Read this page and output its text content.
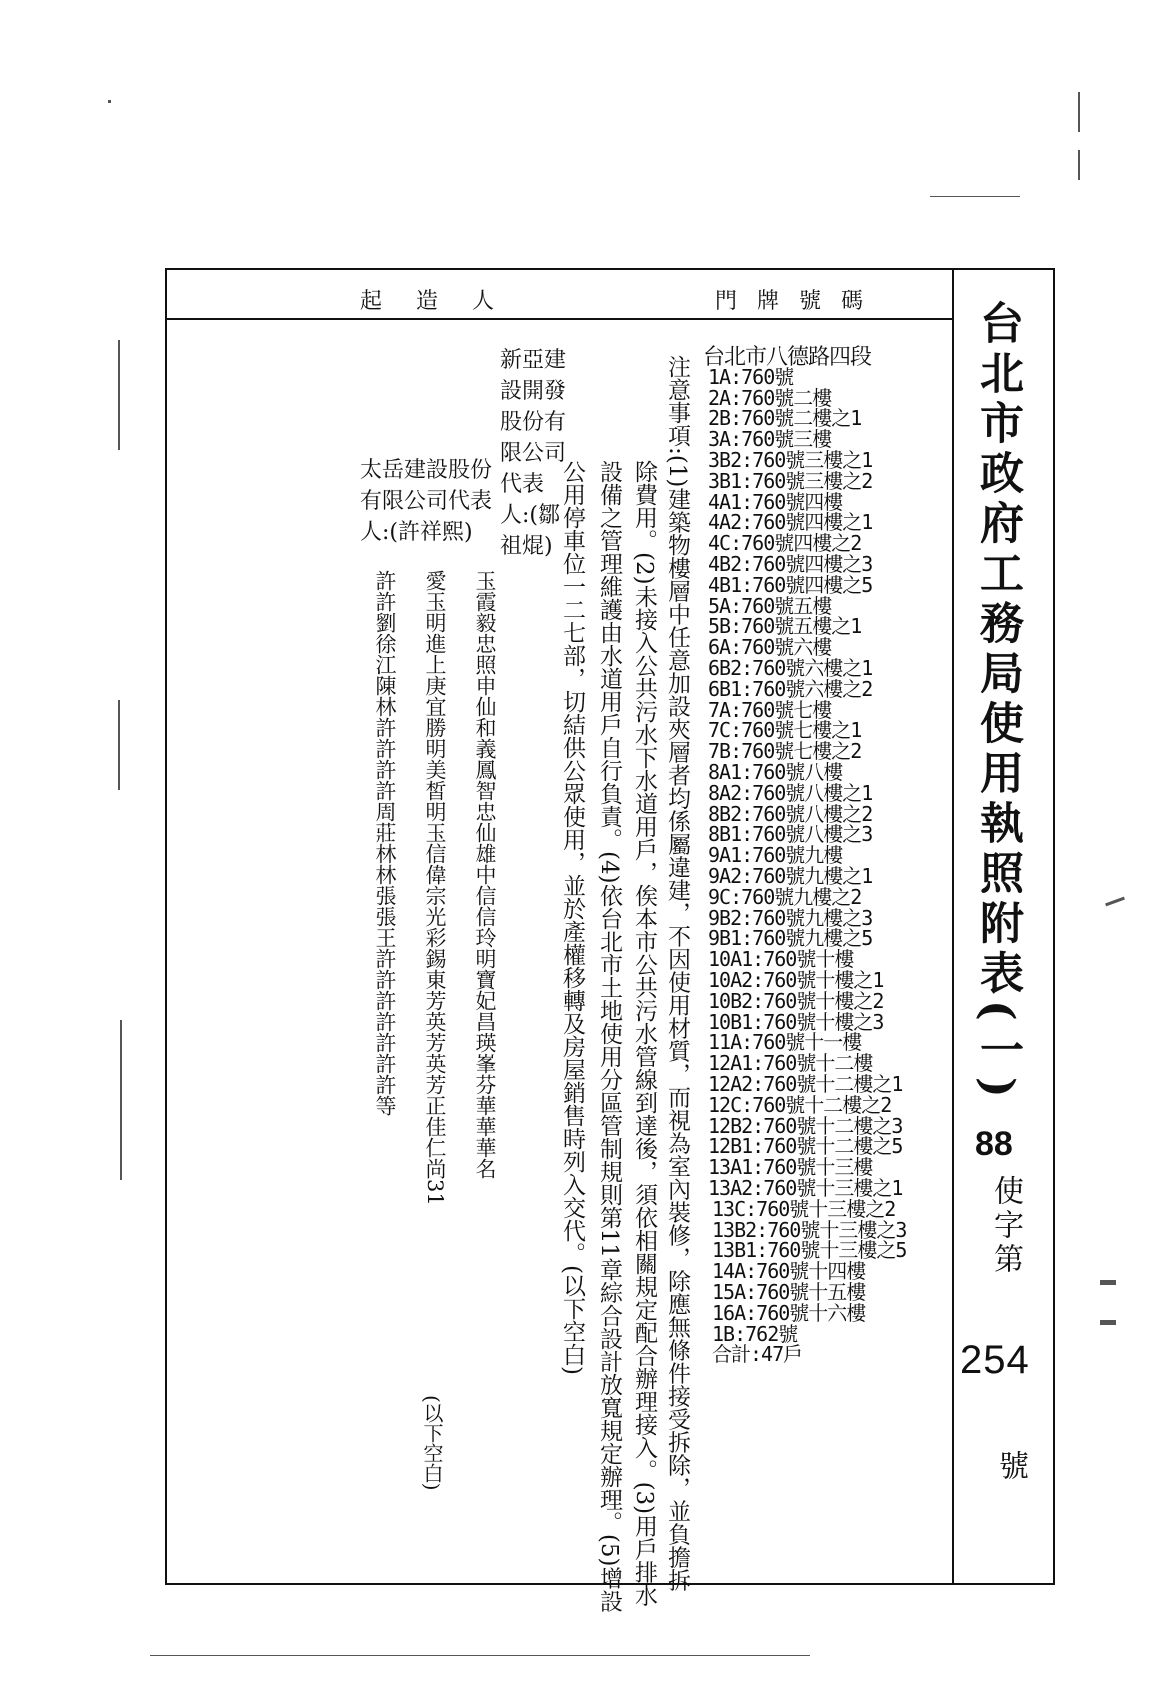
台北市政府工務局使用執照附表(一)
88
使字第
254
號
門牌號碼
起造人
台北市八德路四段
1A:760號
2A:760號二樓
2B:760號二樓之1
3A:760號三樓
3B2:760號三樓之1
3B1:760號三樓之2
4A1:760號四樓
4A2:760號四樓之1
4C:760號四樓之2
4B2:760號四樓之3
4B1:760號四樓之5
5A:760號五樓
5B:760號五樓之1
6A:760號六樓
6B2:760號六樓之1
6B1:760號六樓之2
7A:760號七樓
7C:760號七樓之1
7B:760號七樓之2
8A1:760號八樓
8A2:760號八樓之1
8B2:760號八樓之2
8B1:760號八樓之3
9A1:760號九樓
9A2:760號九樓之1
9C:760號九樓之2
9B2:760號九樓之3
9B1:760號九樓之5
10A1:760號十樓
10A2:760號十樓之1
10B2:760號十樓之2
10B1:760號十樓之3
11A:760號十一樓
12A1:760號十二樓
12A2:760號十二樓之1
12C:760號十二樓之2
12B2:760號十二樓之3
12B1:760號十二樓之5
13A1:760號十三樓
13A2:760號十三樓之1
13C:760號十三樓之2
13B2:760號十三樓之3
13B1:760號十三樓之5
14A:760號十四樓
15A:760號十五樓
16A:760號十六樓
1B:762號
合計:47戶
注意事項:(1)建築物樓層中任意加設夾層者均係屬違建，不因使用材質，而視為室內裝修，除應無條件接受拆除，並負擔拆
除費用。(2)未接入公共污水下水道用戶，俟本市公共污水管線到達後，須依相關規定配合辦理接入。(3)用戶排水
設備之管理維護由水道用戶自行負責。(4)依台北市土地使用分區管制規則第11章綜合設計放寬規定辦理。(5)增設
公用停車位一二七部，切結供公眾使用，並於產權移轉及房屋銷售時列入交代。(以下空白)
新亞建設開發股份有限公司代表人:(鄒祖焜)
太岳建設股份有限公司代表人:(許祥熙)
許許劉徐江陳林許許許許周莊林林張張王許許許許許許許等 愛玉明進上庚宜勝明美皙明玉信偉宗光彩錫東芳英芳英芳正佳仁尚31 玉霞毅忠照申仙和義鳳智忠仙雄中信信玲明寶妃昌瑛峯芬華華華名
(以下空白)
